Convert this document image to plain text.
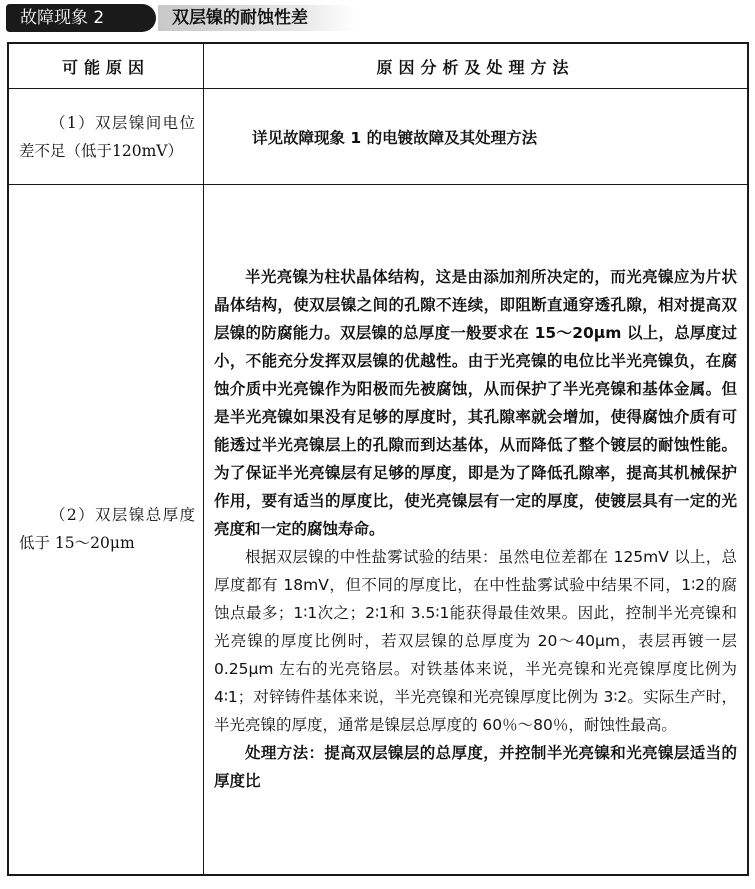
故障现象 2	双层镍的耐蚀性差
可能原因	原因分析及处理方法
（1）双层镍间电位差不足（低于120mV）	详见故障现象 1 的电镀故障及其处理方法
（2）双层镍总厚度低于 15～20μm	半光亮镍为柱状晶体结构，这是由添加剂所决定的，而光亮镍应为片状晶体结构，使双层镍之间的孔隙不连续，即阻断直通穿透孔隙，相对提高双层镍的防腐能力。双层镍的总厚度一般要求在 15～20μm 以上，总厚度过小，不能充分发挥双层镍的优越性。由于光亮镍的电位比半光亮镍负，在腐蚀介质中光亮镍作为阳极而先被腐蚀，从而保护了半光亮镍和基体金属。但是半光亮镍如果没有足够的厚度时，其孔隙率就会增加，使得腐蚀介质有可能透过半光亮镍层上的孔隙而到达基体，从而降低了整个镀层的耐蚀性能。为了保证半光亮镍层有足够的厚度，即是为了降低孔隙率，提高其机械保护作用，要有适当的厚度比，使光亮镍层有一定的厚度，使镀层具有一定的光亮度和一定的腐蚀寿命。

根据双层镍的中性盐雾试验的结果：虽然电位差都在 125mV 以上，总厚度都有 18mV，但不同的厚度比，在中性盐雾试验中结果不同，1∶2的腐蚀点最多；1∶1次之；2∶1和 3.5∶1能获得最佳效果。因此，控制半光亮镍和光亮镍的厚度比例时，若双层镍的总厚度为 20～40μm，表层再镀一层 0.25μm 左右的光亮铬层。对铁基体来说，半光亮镍和光亮镍厚度比例为 4∶1；对锌铸件基体来说，半光亮镍和光亮镍厚度比例为 3∶2。实际生产时，半光亮镍的厚度，通常是镍层总厚度的 60％～80％，耐蚀性最高。

处理方法：提高双层镍层的总厚度，并控制半光亮镍和光亮镍层适当的厚度比
